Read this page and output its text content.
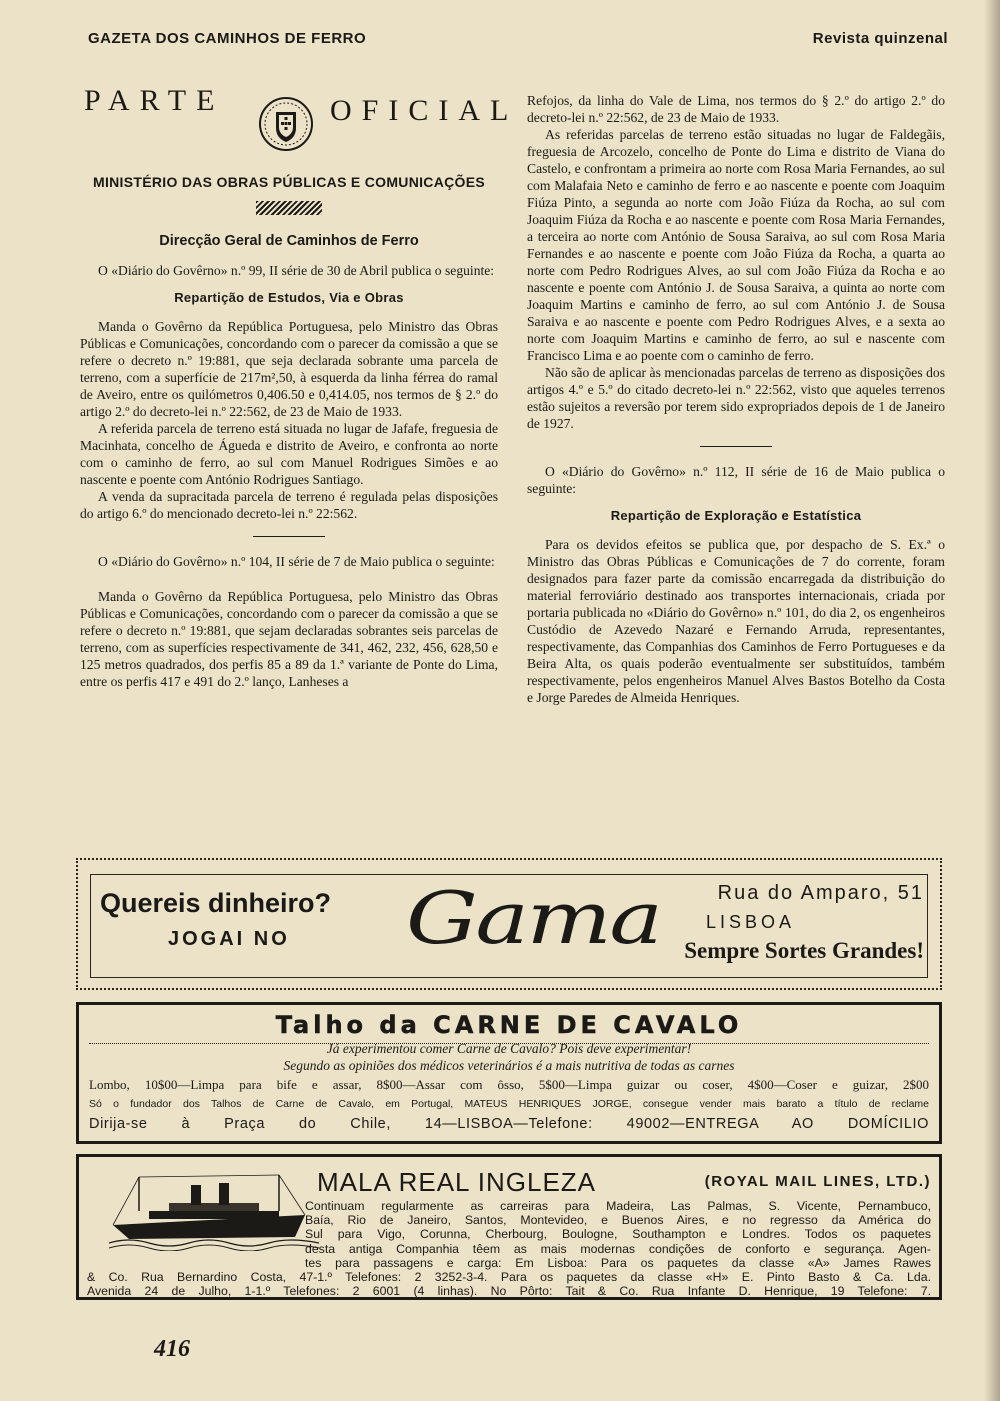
GAZETA DOS CAMINHOS DE FERRO	Revista quinzenal
PARTE	OFICIAL
MINISTÉRIO DAS OBRAS PÚBLICAS E COMUNICAÇÕES
Direcção Geral de Caminhos de Ferro

O «Diário do Govêrno» n.º 99, II série de 30 de Abril publica o seguinte:

Repartição de Estudos, Via e Obras

Manda o Govêrno da República Portuguesa, pelo Ministro das Obras Públicas e Comunicações, concordando com o parecer da comissão a que se refere o decreto n.º 19:881, que seja declarada sobrante uma parcela de terreno, com a superfície de 217m²,50, à esquerda da linha férrea do ramal de Aveiro, entre os quilómetros 0,406.50 e 0,414.05, nos termos de § 2.º do artigo 2.º do decreto-lei n.º 22:562, de 23 de Maio de 1933.

A referida parcela de terreno está situada no lugar de Jafafe, freguesia de Macinhata, concelho de Águeda e distrito de Aveiro, e confronta ao norte com o caminho de ferro, ao sul com Manuel Rodrigues Simões e ao nascente e poente com António Rodrigues Santiago.

A venda da supracitada parcela de terreno é regulada pelas disposições do artigo 6.º do mencionado decreto-lei n.º 22:562.

O «Diário do Govêrno» n.º 104, II série de 7 de Maio publica o seguinte:

Manda o Govêrno da República Portuguesa, pelo Ministro das Obras Públicas e Comunicações, concordando com o parecer da comissão a que se refere o decreto n.º 19:881, que sejam declaradas sobrantes seis parcelas de terreno, com as superfícies respectivamente de 341, 462, 232, 456, 628,50 e 125 metros quadrados, dos perfis 85 a 89 da 1.ª variante de Ponte do Lima, entre os perfis 417 e 491 do 2.º lanço, Lanheses a

Refojos, da linha do Vale de Lima, nos termos do § 2.º do artigo 2.º do decreto-lei n.º 22:562, de 23 de Maio de 1933.

As referidas parcelas de terreno estão situadas no lugar de Faldegãis, freguesia de Arcozelo, concelho de Ponte do Lima e distrito de Viana do Castelo, e confrontam a primeira ao norte com Rosa Maria Fernandes, ao sul com Malafaia Neto e caminho de ferro e ao nascente e poente com Joaquim Fiúza Pinto, a segunda ao norte com João Fiúza da Rocha, ao sul com Joaquim Fiúza da Rocha e ao nascente e poente com Rosa Maria Fernandes, a terceira ao norte com António de Sousa Saraiva, ao sul com Rosa Maria Fernandes e ao nascente e poente com João Fiúza da Rocha, a quarta ao norte com Pedro Rodrigues Alves, ao sul com João Fiúza da Rocha e ao nascente e poente com António J. de Sousa Saraiva, a quinta ao norte com Joaquim Martins e caminho de ferro, ao sul com António J. de Sousa Saraiva e ao nascente e poente com Pedro Rodrigues Alves, e a sexta ao norte com Joaquim Martins e caminho de ferro, ao sul e nascente com Francisco Lima e ao poente com o caminho de ferro.

Não são de aplicar às mencionadas parcelas de terreno as disposições dos artigos 4.º e 5.º do citado decreto-lei n.º 22:562, visto que aqueles terrenos estão sujeitos a reversão por terem sido expropriados depois de 1 de Janeiro de 1927.

O «Diário do Govêrno» n.º 112, II série de 16 de Maio publica o seguinte:

Repartição de Exploração e Estatística

Para os devidos efeitos se publica que, por despacho de S. Ex.ª o Ministro das Obras Públicas e Comunicações de 7 do corrente, foram designados para fazer parte da comissão encarregada da distribuição do material ferroviário destinado aos transportes internacionais, criada por portaria publicada no «Diário do Govêrno» n.º 101, do dia 2, os engenheiros Custódio de Azevedo Nazaré e Fernando Arruda, representantes, respectivamente, das Companhias dos Caminhos de Ferro Portugueses e da Beira Alta, os quais poderão eventualmente ser substituídos, também respectivamente, pelos engenheiros Manuel Alves Bastos Botelho da Costa e Jorge Paredes de Almeida Henriques.

Quereis dinheiro?
JOGAI NO Gama	Rua do Amparo, 51
LISBOA
Sempre Sortes Grandes!
Talho da CARNE DE CAVALO
Já experimentou comer Carne de Cavalo? Pois deve experimentar!
Segundo as opiniões dos médicos veterinários é a mais nutritiva de todas as carnes
Lombo, 10$00—Limpa para bife e assar, 8$00—Assar com ôsso, 5$00—Limpa guizar ou coser, 4$00—Coser e guizar, 2$00
Só o fundador dos Talhos de Carne de Cavalo, em Portugal, MATEUS HENRIQUES JORGE, consegue vender mais barato a título de reclame
Dirija-se à Praça do Chile, 14—LISBOA—Telefone: 49002—ENTREGA AO DOMÍCILIO
MALA REAL INGLEZA	(ROYAL MAIL LINES, LTD.)
Continuam regularmente as carreiras para Madeira, Las Palmas, S. Vicente, Pernambuco,
Baía, Rio de Janeiro, Santos, Montevideo, e Buenos Aires, e no regresso da América do
Sul para Vigo, Corunna, Cherbourg, Boulogne, Southampton e Londres. Todos os paquetes
desta antiga Companhia têem as mais modernas condições de conforto e segurança. Agen-
tes para passagens e carga: Em Lisboa: Para os paquetes da classe «A» James Rawes
& Co. Rua Bernardino Costa, 47-1.º Telefones: 2 3252-3-4. Para os paquetes da classe «H» E. Pinto Basto & Ca. Lda.
Avenida 24 de Julho, 1-1.º Telefones: 2 6001 (4 linhas). No Pôrto: Tait & Co. Rua Infante D. Henrique, 19 Telefone: 7.
416
